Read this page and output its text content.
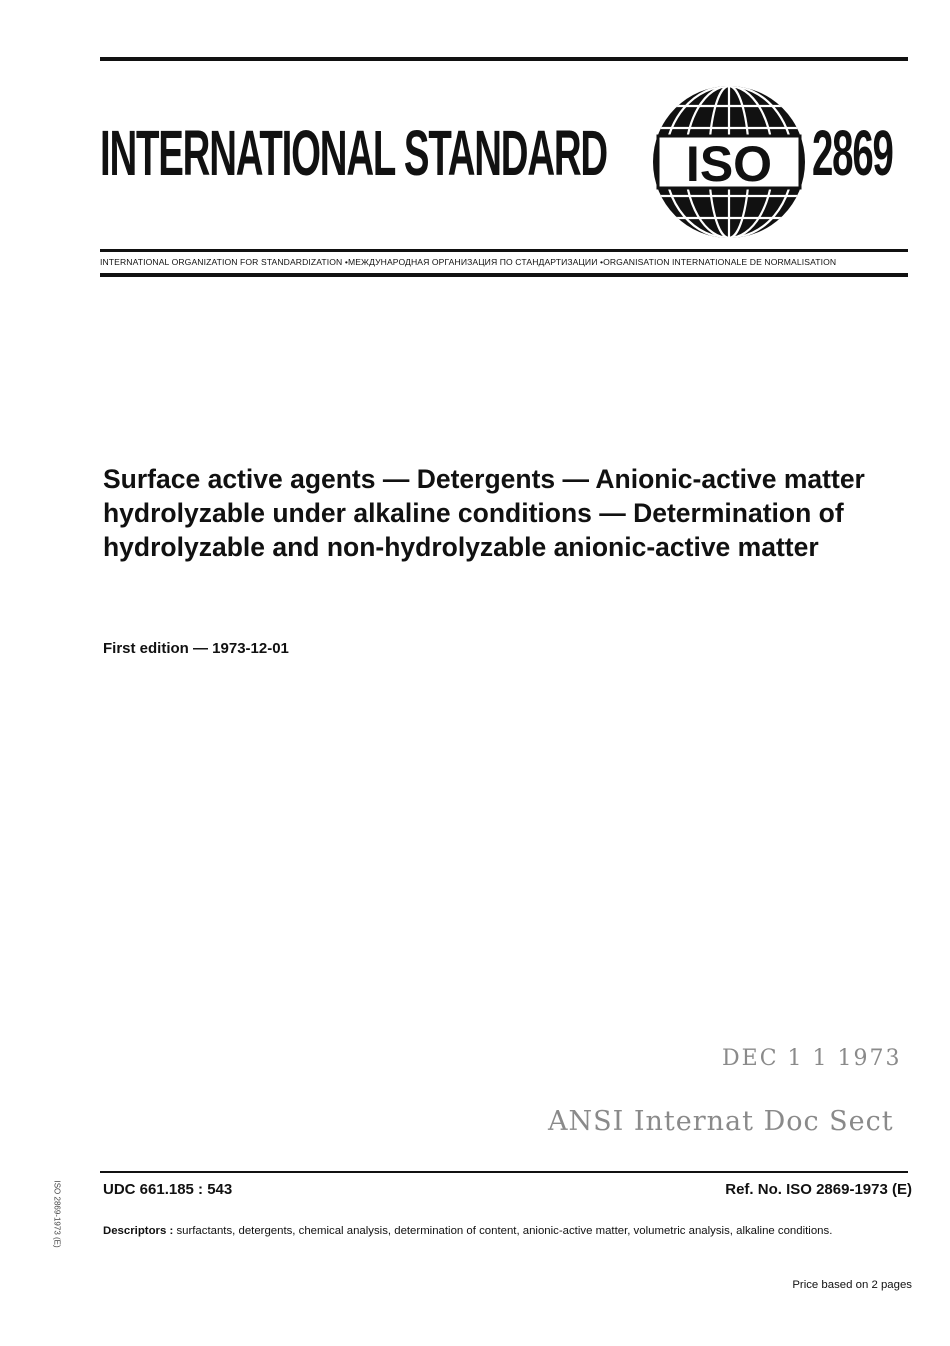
INTERNATIONAL STANDARD ISO 2869
INTERNATIONAL ORGANIZATION FOR STANDARDIZATION •МЕЖДУНАРОДНАЯ ОРГАНИЗАЦИЯ ПО СТАНДАРТИЗАЦИИ •ORGANISATION INTERNATIONALE DE NORMALISATION
Surface active agents — Detergents — Anionic-active matter
hydrolyzable under alkaline conditions — Determination of
hydrolyzable and non-hydrolyzable anionic-active matter
First edition — 1973-12-01
DEC 1 1 1973
ANSI Internat Doc Sect
ISO 2869-1973 (E)	UDC 661.185 : 543	Ref. No. ISO 2869-1973 (E)
Descriptors : surfactants, detergents, chemical analysis, determination of content, anionic-active matter, volumetric analysis, alkaline conditions.
Price based on 2 pages
